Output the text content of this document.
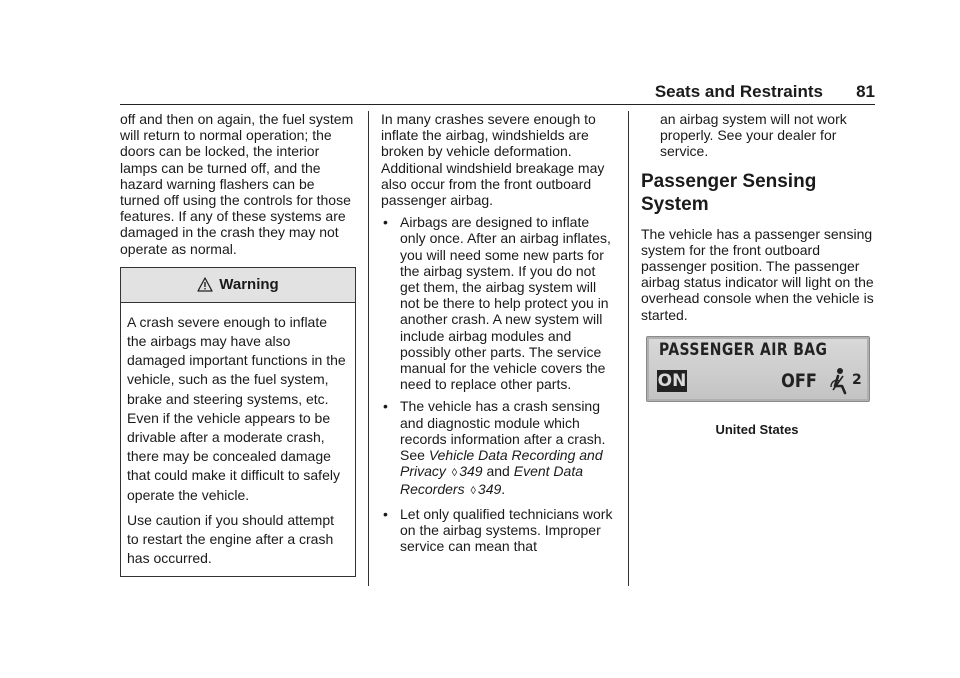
Seats and Restraints 81

off and then on again, the fuel system will return to normal operation; the doors can be locked, the interior lamps can be turned off, and the hazard warning flashers can be turned off using the controls for those features. If any of these systems are damaged in the crash they may not operate as normal.

Warning

A crash severe enough to inflate the airbags may have also damaged important functions in the vehicle, such as the fuel system, brake and steering systems, etc. Even if the vehicle appears to be drivable after a moderate crash, there may be concealed damage that could make it difficult to safely operate the vehicle.

Use caution if you should attempt to restart the engine after a crash has occurred.

In many crashes severe enough to inflate the airbag, windshields are broken by vehicle deformation. Additional windshield breakage may also occur from the front outboard passenger airbag.

• Airbags are designed to inflate only once. After an airbag inflates, you will need some new parts for the airbag system. If you do not get them, the airbag system will not be there to help protect you in another crash. A new system will include airbag modules and possibly other parts. The service manual for the vehicle covers the need to replace other parts.
• The vehicle has a crash sensing and diagnostic module which records information after a crash.
See Vehicle Data Recording and Privacy ◊ 349 and Event Data Recorders ◊ 349.
• Let only qualified technicians work on the airbag systems. Improper service can mean that
an airbag system will not work properly. See your dealer for service.
Passenger Sensing System

The vehicle has a passenger sensing system for the front outboard passenger position. The passenger airbag status indicator will light on the overhead console when the vehicle is started.

PASSENGER AIR BAG
ON	OFF	2
United States
